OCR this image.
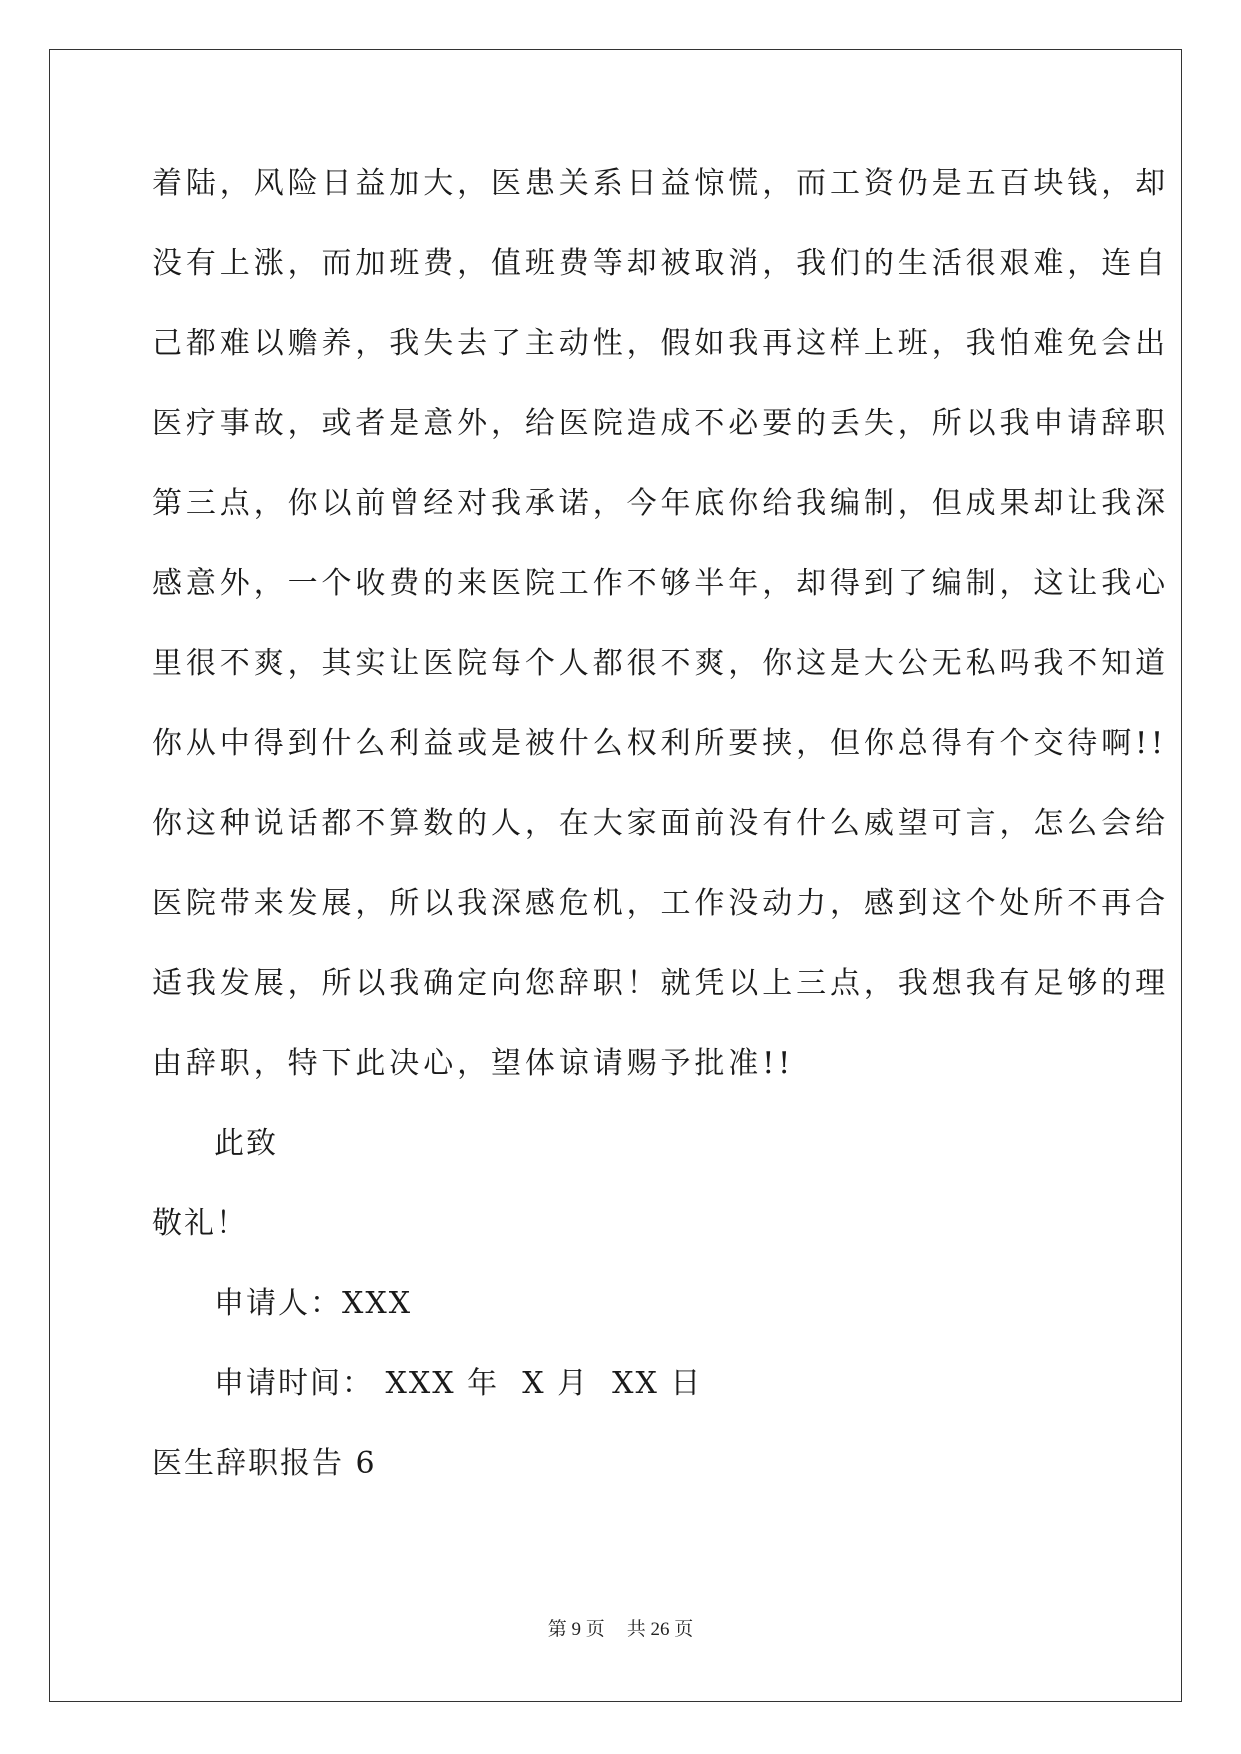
着陆，风险日益加大，医患关系日益惊慌，而工资仍是五百块钱，却
没有上涨，而加班费，值班费等却被取消，我们的生活很艰难，连自
己都难以赡养，我失去了主动性，假如我再这样上班，我怕难免会出
医疗事故，或者是意外，给医院造成不必要的丢失，所以我申请辞职
第三点，你以前曾经对我承诺，今年底你给我编制，但成果却让我深
感意外，一个收费的来医院工作不够半年，却得到了编制，这让我心
里很不爽，其实让医院每个人都很不爽，你这是大公无私吗我不知道
你从中得到什么利益或是被什么权利所要挟，但你总得有个交待啊!!
你这种说话都不算数的人，在大家面前没有什么威望可言，怎么会给
医院带来发展，所以我深感危机，工作没动力，感到这个处所不再合
适我发展，所以我确定向您辞职！就凭以上三点，我想我有足够的理
由辞职，特下此决心，望体谅请赐予批准!!
此致
敬礼！
申请人：XXX
申请时间： XXX 年  X 月  XX 日
医生辞职报告 6
第 9 页 共 26 页
